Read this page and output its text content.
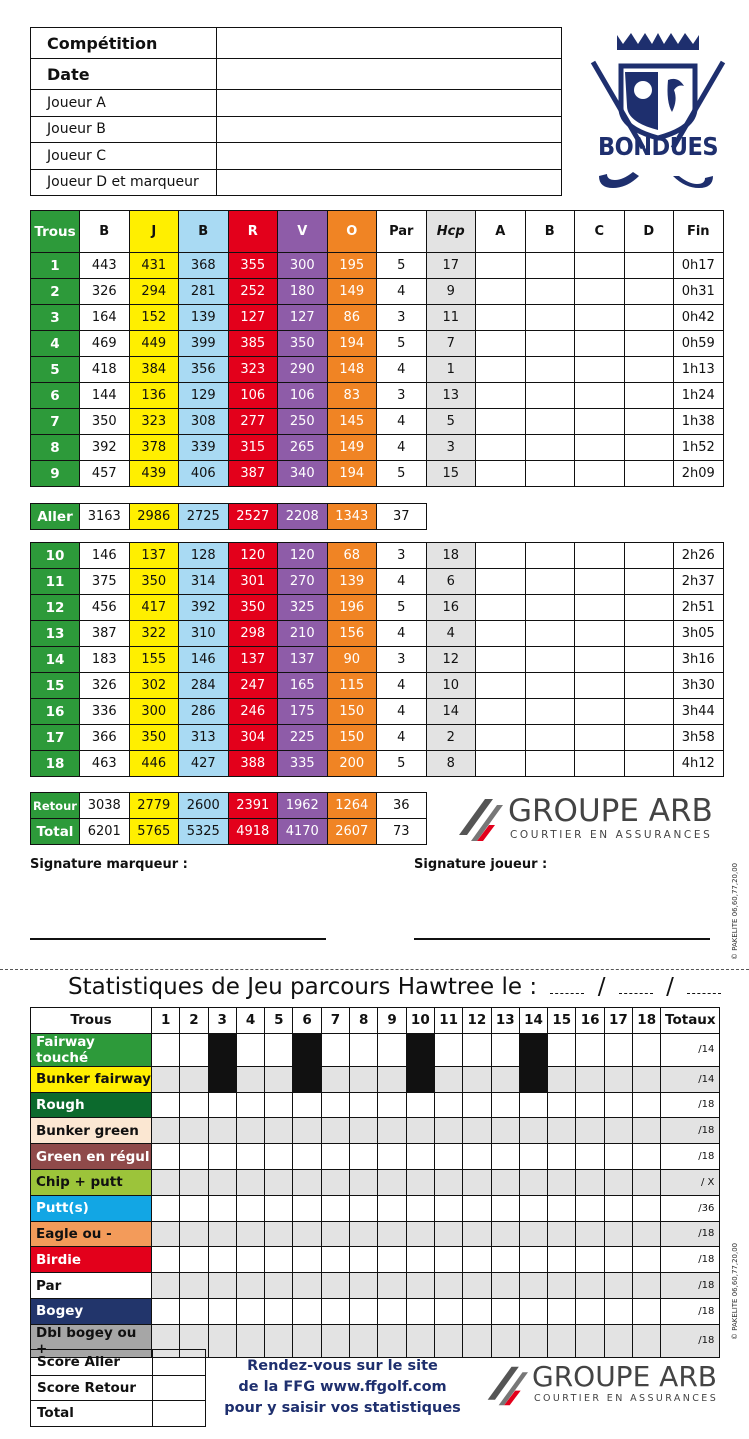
Compétition	
Date	
Joueur A	
Joueur B	
Joueur C	
Joueur D et marqueur	
BONDUES
Trous	B	J	B	R	V	O	Par	Hcp	A	B	C	D	Fin
1	443	431	368	355	300	195	5	17					0h17
2	326	294	281	252	180	149	4	9					0h31
3	164	152	139	127	127	86	3	11					0h42
4	469	449	399	385	350	194	5	7					0h59
5	418	384	356	323	290	148	4	1					1h13
6	144	136	129	106	106	83	3	13					1h24
7	350	323	308	277	250	145	4	5					1h38
8	392	378	339	315	265	149	4	3					1h52
9	457	439	406	387	340	194	5	15					2h09
Aller	3163	2986	2725	2527	2208	1343	37
10	146	137	128	120	120	68	3	18					2h26
11	375	350	314	301	270	139	4	6					2h37
12	456	417	392	350	325	196	5	16					2h51
13	387	322	310	298	210	156	4	4					3h05
14	183	155	146	137	137	90	3	12					3h16
15	326	302	284	247	165	115	4	10					3h30
16	336	300	286	246	175	150	4	14					3h44
17	366	350	313	304	225	150	4	2					3h58
18	463	446	427	388	335	200	5	8					4h12
Retour	3038	2779	2600	2391	1962	1264	36
Total	6201	5765	5325	4918	4170	2607	73
GROUPE ARB
COURTIER EN ASSURANCES
Signature marqueur :	Signature joueur :	© PAKELITE 06,60,77,20,00
Statistiques de Jeu parcours Hawtree le :	/	/
Trous	1	2	3	4	5	6	7	8	9	10	11	12	13	14	15	16	17	18	Totaux
Fairway touché																			/14
Bunker fairway																			/14
Rough																			/18
Bunker green																			/18
Green en régul																			/18
Chip + putt																			/ X
Putt(s)																			/36
Eagle ou -																			/18
Birdie																			/18
Par																			/18
Bogey																			/18
Dbl bogey ou +																			/18
Score Aller	
Score Retour	
Total	
Rendez-vous sur le site
de la FFG www.ffgolf.com
pour y saisir vos statistiques
GROUPE ARB
COURTIER EN ASSURANCES
© PAKELITE 06,60,77,20,00
